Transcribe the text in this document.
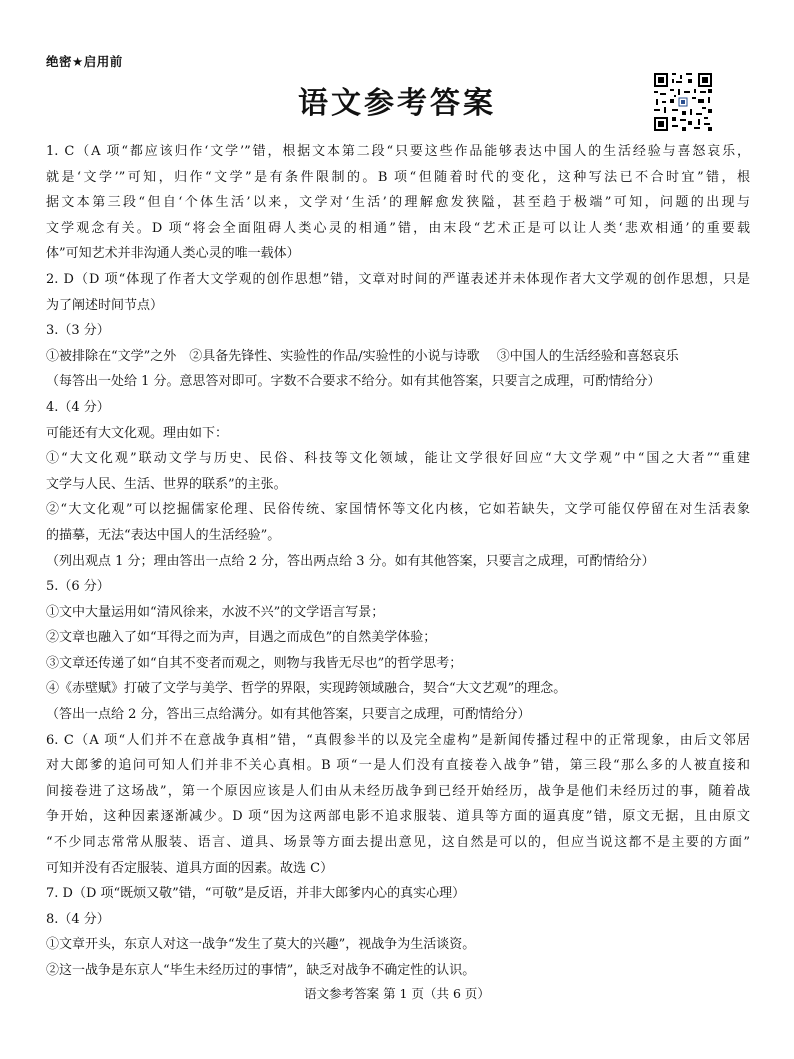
绝密★启用前
语文参考答案
1. C（A 项“都应该归作‘文学’”错，根据文本第二段“只要这些作品能够表达中国人的生活经验与喜怒哀乐，
就是‘文学’”可知，归作“文学”是有条件限制的。B 项“但随着时代的变化，这种写法已不合时宜”错，根
据文本第三段“但自‘个体生活’以来，文学对‘生活’的理解愈发狭隘，甚至趋于极端”可知，问题的出现与
文学观念有关。D 项“将会全面阻碍人类心灵的相通”错，由末段“艺术正是可以让人类‘悲欢相通’的重要载
体”可知艺术并非沟通人类心灵的唯一载体）
2. D（D 项“体现了作者大文学观的创作思想”错，文章对时间的严谨表述并未体现作者大文学观的创作思想，只是
为了阐述时间节点）
3.（3 分）
①被排除在“文学”之外　②具备先锋性、实验性的作品/实验性的小说与诗歌　 ③中国人的生活经验和喜怒哀乐
（每答出一处给 1 分。意思答对即可。字数不合要求不给分。如有其他答案，只要言之成理，可酌情给分）
4.（4 分）
可能还有大文化观。理由如下：
①“大文化观”联动文学与历史、民俗、科技等文化领域，能让文学很好回应“大文学观”中“国之大者”“重建
文学与人民、生活、世界的联系”的主张。
②“大文化观”可以挖掘儒家伦理、民俗传统、家国情怀等文化内核，它如若缺失，文学可能仅停留在对生活表象
的描摹，无法“表达中国人的生活经验”。
（列出观点 1 分；理由答出一点给 2 分，答出两点给 3 分。如有其他答案，只要言之成理，可酌情给分）
5.（6 分）
①文中大量运用如“清风徐来，水波不兴”的文学语言写景；
②文章也融入了如“耳得之而为声，目遇之而成色”的自然美学体验；
③文章还传递了如“自其不变者而观之，则物与我皆无尽也”的哲学思考；
④《赤壁赋》打破了文学与美学、哲学的界限，实现跨领域融合，契合“大文艺观”的理念。
（答出一点给 2 分，答出三点给满分。如有其他答案，只要言之成理，可酌情给分）
6. C（A 项“人们并不在意战争真相”错，“真假参半的以及完全虚构”是新闻传播过程中的正常现象，由后文邻居
对大郎爹的追问可知人们并非不关心真相。B 项“一是人们没有直接卷入战争”错，第三段“那么多的人被直接和
间接卷进了这场战”，第一个原因应该是人们由从未经历战争到已经开始经历，战争是他们未经历过的事，随着战
争开始，这种因素逐渐减少。D 项“因为这两部电影不追求服装、道具等方面的逼真度”错，原文无据，且由原文
“不少同志常常从服装、语言、道具、场景等方面去提出意见，这自然是可以的，但应当说这都不是主要的方面”
可知并没有否定服装、道具方面的因素。故选 C）
7. D（D 项“既烦又敬”错，“可敬”是反语，并非大郎爹内心的真实心理）
8.（4 分）
①文章开头，东京人对这一战争“发生了莫大的兴趣”，视战争为生活谈资。
②这一战争是东京人“毕生未经历过的事情”，缺乏对战争不确定性的认识。
语文参考答案 第 1 页（共 6 页）
